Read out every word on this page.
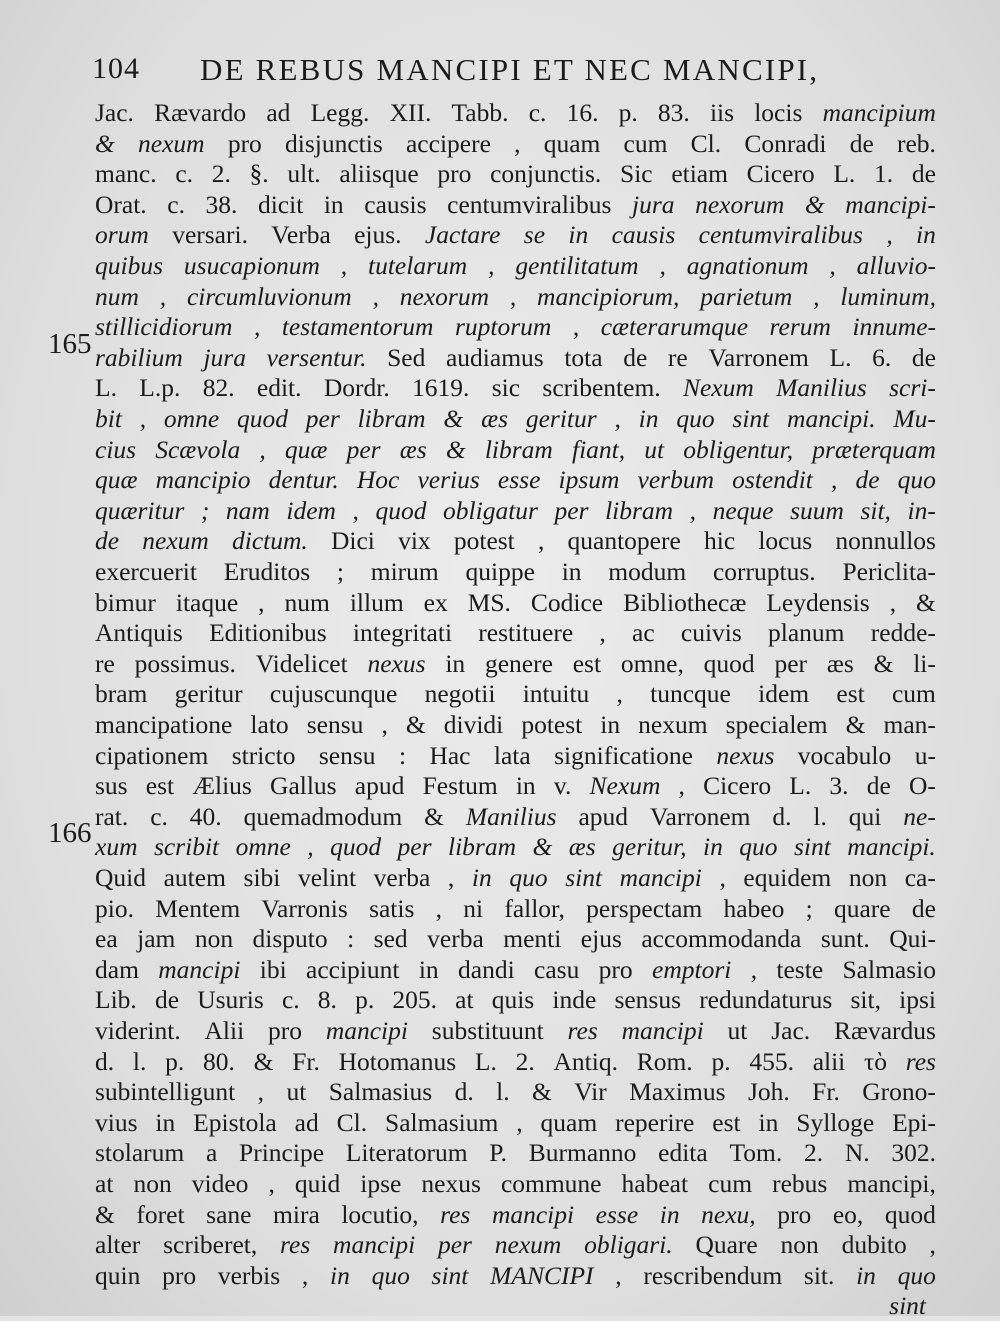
104 DE REBUS MANCIPI ET NEC MANCIPI,
Jac. Rævardo ad Legg. XII. Tabb. c. 16. p. 83. iis locis mancipium
& nexum pro disjunctis accipere , quam cum Cl. Conradi de reb.
manc. c. 2. §. ult. aliisque pro conjunctis. Sic etiam Cicero L. 1. de
Orat. c. 38. dicit in causis centumviralibus jura nexorum & mancipi-
orum versari. Verba ejus. Jactare se in causis centumviralibus , in
quibus usucapionum , tutelarum , gentilitatum , agnationum , alluvio-
num , circumluvionum , nexorum , mancipiorum, parietum , luminum,
stillicidiorum , testamentorum ruptorum , cæterarumque rerum innume-
rabilium jura versentur. Sed audiamus tota de re Varronem L. 6. de
L. L.p. 82. edit. Dordr. 1619. sic scribentem. Nexum Manilius scri-
bit , omne quod per libram & æs geritur , in quo sint mancipi. Mu-
cius Scævola , quæ per æs & libram fiant, ut obligentur, præterquam
quæ mancipio dentur. Hoc verius esse ipsum verbum ostendit , de quo
quæritur ; nam idem , quod obligatur per libram , neque suum sit, in-
de nexum dictum. Dici vix potest , quantopere hic locus nonnullos
exercuerit Eruditos ; mirum quippe in modum corruptus. Periclita-
bimur itaque , num illum ex MS. Codice Bibliothecæ Leydensis , &
Antiquis Editionibus integritati restituere , ac cuivis planum redde-
re possimus. Videlicet nexus in genere est omne, quod per æs & li-
bram geritur cujuscunque negotii intuitu , tuncque idem est cum
mancipatione lato sensu , & dividi potest in nexum specialem & man-
cipationem stricto sensu : Hac lata significatione nexus vocabulo u-
sus est Ælius Gallus apud Festum in v. Nexum , Cicero L. 3. de O-
rat. c. 40. quemadmodum & Manilius apud Varronem d. l. qui ne-
xum scribit omne , quod per libram & æs geritur, in quo sint mancipi.
Quid autem sibi velint verba , in quo sint mancipi , equidem non ca-
pio. Mentem Varronis satis , ni fallor, perspectam habeo ; quare de
ea jam non disputo : sed verba menti ejus accommodanda sunt. Qui-
dam mancipi ibi accipiunt in dandi casu pro emptori , teste Salmasio
Lib. de Usuris c. 8. p. 205. at quis inde sensus redundaturus sit, ipsi
viderint. Alii pro mancipi substituunt res mancipi ut Jac. Rævardus
d. l. p. 80. & Fr. Hotomanus L. 2. Antiq. Rom. p. 455. alii τὸ res
subintelligunt , ut Salmasius d. l. & Vir Maximus Joh. Fr. Grono-
vius in Epistola ad Cl. Salmasium , quam reperire est in Sylloge Epi-
stolarum a Principe Literatorum P. Burmanno edita Tom. 2. N. 302.
at non video , quid ipse nexus commune habeat cum rebus mancipi,
& foret sane mira locutio, res mancipi esse in nexu, pro eo, quod
alter scriberet, res mancipi per nexum obligari. Quare non dubito ,
quin pro verbis , in quo sint MANCIPI , rescribendum sit. in quo
sint
165
166
